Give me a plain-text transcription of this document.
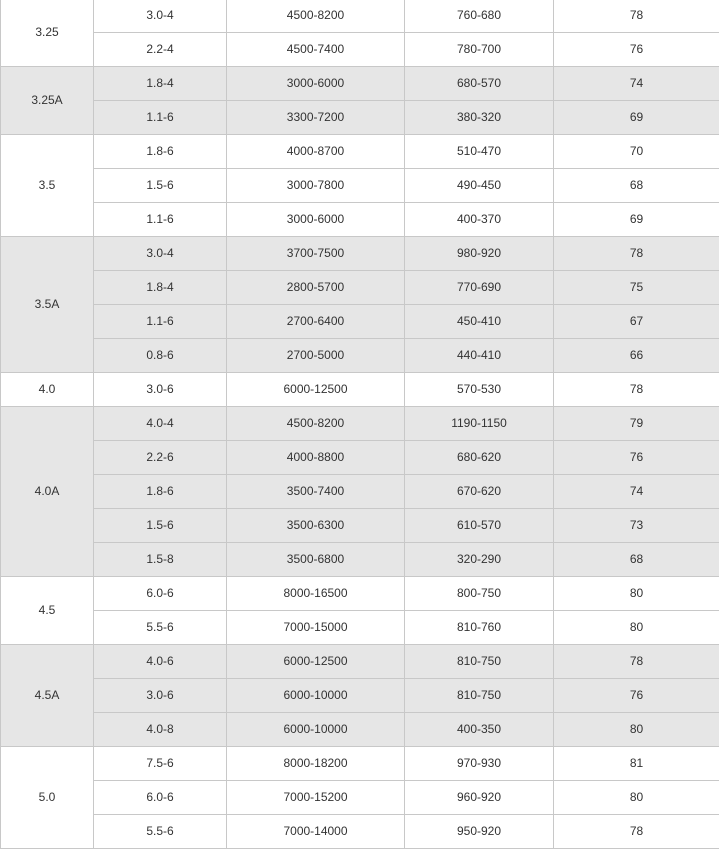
3.25	3.0-4	4500-8200	760-680	78
	2.2-4	4500-7400	780-700	76
3.25A	1.8-4	3000-6000	680-570	74
	1.1-6	3300-7200	380-320	69
3.5	1.8-6	4000-8700	510-470	70
	1.5-6	3000-7800	490-450	68
	1.1-6	3000-6000	400-370	69
3.5A	3.0-4	3700-7500	980-920	78
	1.8-4	2800-5700	770-690	75
	1.1-6	2700-6400	450-410	67
	0.8-6	2700-5000	440-410	66
4.0	3.0-6	6000-12500	570-530	78
4.0A	4.0-4	4500-8200	1190-1150	79
	2.2-6	4000-8800	680-620	76
	1.8-6	3500-7400	670-620	74
	1.5-6	3500-6300	610-570	73
	1.5-8	3500-6800	320-290	68
4.5	6.0-6	8000-16500	800-750	80
	5.5-6	7000-15000	810-760	80
4.5A	4.0-6	6000-12500	810-750	78
	3.0-6	6000-10000	810-750	76
	4.0-8	6000-10000	400-350	80
5.0	7.5-6	8000-18200	970-930	81
	6.0-6	7000-15200	960-920	80
	5.5-6	7000-14000	950-920	78
